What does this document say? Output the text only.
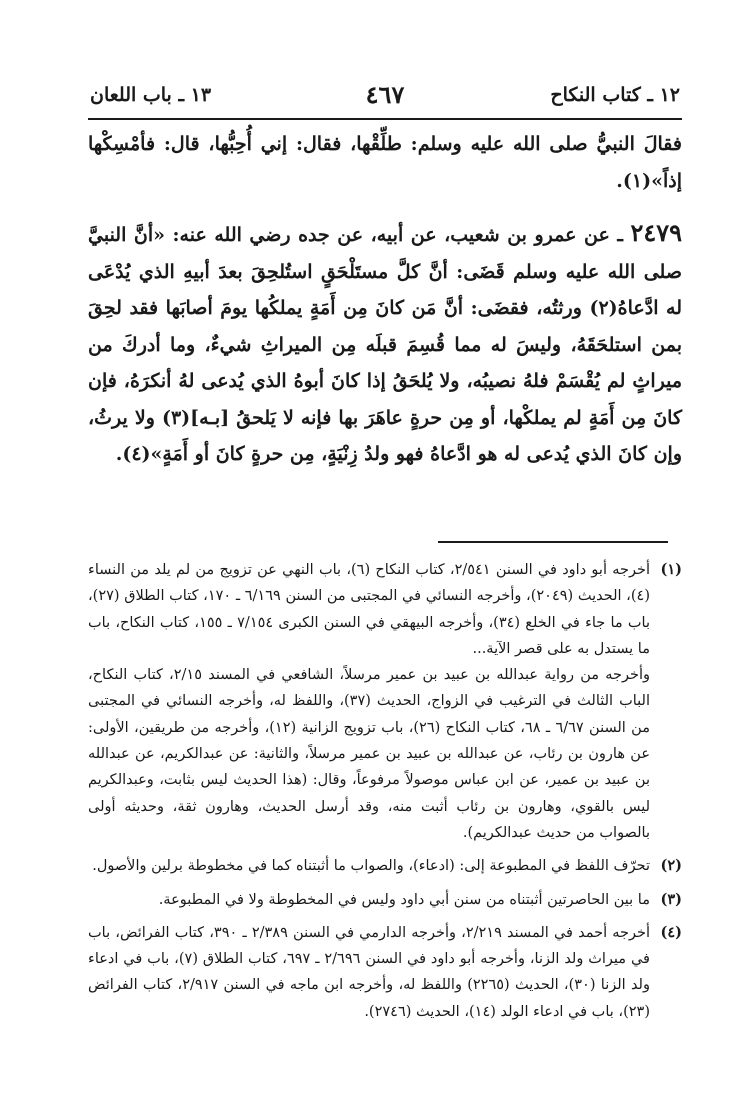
١٢ ـ كتاب النكاح
٤٦٧
١٣ ـ باب اللعان

فقالَ النبيُّ صلى الله عليه وسلم: طلِّقْها، فقال: إني أُحِبُّها، قال: فأمْسِكْها إذاً»(١).

٢٤٧٩ ـ عن عمرو بن شعيب، عن أبيه، عن جده رضي الله عنه: «أنَّ النبيَّ صلى الله عليه وسلم قَضَى: أنَّ كلَّ مستَلْحَقٍ استُلحِقَ بعدَ أبيهِ الذي يُدْعَى له ادَّعاهُ(٢) ورثتُه، فقضَى: أنَّ مَن كانَ مِن أَمَةٍ يملكُها يومَ أصابَها فقد لحِقَ بمن استلحَقَهُ، وليسَ له مما قُسِمَ قبلَه مِن الميراثِ شيءٌ، وما أدركَ من ميراثٍ لم يُقْسَمْ فلهُ نصيبُه، ولا يُلحَقُ إذا كانَ أبوهُ الذي يُدعى لهُ أنكرَهُ، فإن كانَ مِن أَمَةٍ لم يملكْها، أو مِن حرةٍ عاهَرَ بها فإنه لا يَلحقُ [بـه](٣) ولا يرثُ، وإن كانَ الذي يُدعى له هو ادَّعاهُ فهو ولدُ زِنْيَةٍ، مِن حرةٍ كانَ أو أَمَةٍ»(٤).

(١)
أخرجه أبو داود في السنن ٢/٥٤١، كتاب النكاح (٦)، باب النهي عن تزويج من لم يلد من النساء (٤)، الحديث (٢٠٤٩)، وأخرجه النسائي في المجتبى من السنن ٦/١٦٩ ـ ١٧٠، كتاب الطلاق (٢٧)، باب ما جاء في الخلع (٣٤)، وأخرجه البيهقي في السنن الكبرى ٧/١٥٤ ـ ١٥٥، كتاب النكاح، باب ما يستدل به على قصر الآية...

وأخرجه من رواية عبدالله بن عبيد بن عمير مرسلاً، الشافعي في المسند ٢/١٥، كتاب النكاح، الباب الثالث في الترغيب في الزواج، الحديث (٣٧)، واللفظ له، وأخرجه النسائي في المجتبى من السنن ٦/٦٧ ـ ٦٨، كتاب النكاح (٢٦)، باب تزويج الزانية (١٢)، وأخرجه من طريقين، الأولى: عن هارون بن رئاب، عن عبدالله بن عبيد بن عمير مرسلاً، والثانية: عن عبدالكريم، عن عبدالله بن عبيد بن عمير، عن ابن عباس موصولاً مرفوعاً، وقال: (هذا الحديث ليس بثابت، وعبدالكريم ليس بالقوي، وهارون بن رئاب أثبت منه، وقد أرسل الحديث، وهارون ثقة، وحديثه أولى بالصواب من حديث عبدالكريم).

(٢)
تحرّف اللفظ في المطبوعة إلى: (ادعاء)، والصواب ما أثبتناه كما في مخطوطة برلين والأصول.

(٣)
ما بين الحاصرتين أثبتناه من سنن أبي داود وليس في المخطوطة ولا في المطبوعة.

(٤)
أخرجه أحمد في المسند ٢/٢١٩، وأخرجه الدارمي في السنن ٢/٣٨٩ ـ ٣٩٠، كتاب الفرائض، باب في ميراث ولد الزنا، وأخرجه أبو داود في السنن ٢/٦٩٦ ـ ٦٩٧، كتاب الطلاق (٧)، باب في ادعاء ولد الزنا (٣٠)، الحديث (٢٢٦٥) واللفظ له، وأخرجه ابن ماجه في السنن ٢/٩١٧، كتاب الفرائض (٢٣)، باب في ادعاء الولد (١٤)، الحديث (٢٧٤٦).
